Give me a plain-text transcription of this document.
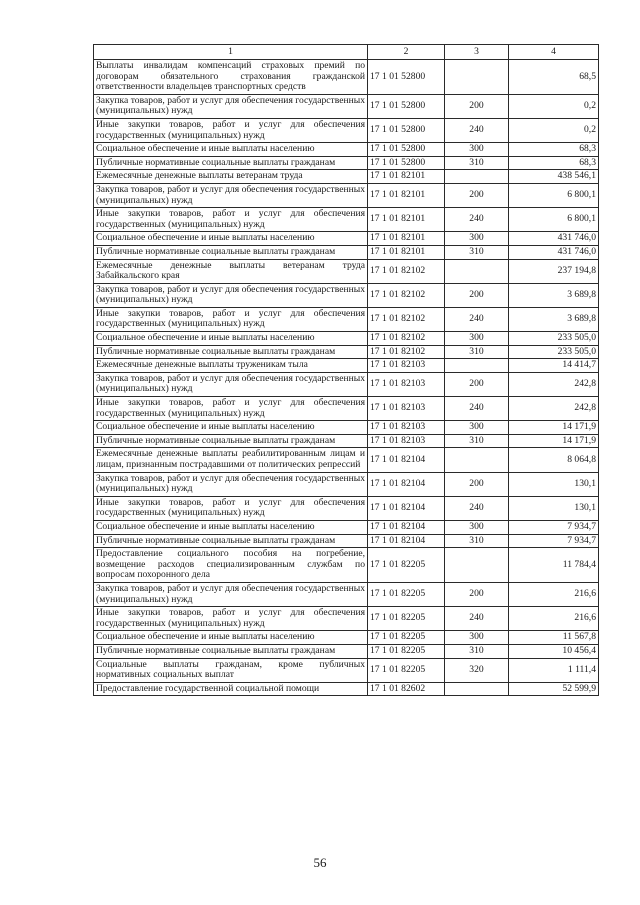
1	2	3	4
Выплаты инвалидам компенсаций страховых премий по договорам обязательного страхования гражданской ответственности владельцев транспортных средств	17 1 01 52800		68,5
Закупка товаров, работ и услуг для обеспечения государственных (муниципальных) нужд	17 1 01 52800	200	0,2
Иные закупки товаров, работ и услуг для обеспечения государственных (муниципальных) нужд	17 1 01 52800	240	0,2
Социальное обеспечение и иные выплаты населению	17 1 01 52800	300	68,3
Публичные нормативные социальные выплаты гражданам	17 1 01 52800	310	68,3
Ежемесячные денежные выплаты ветеранам труда	17 1 01 82101		438 546,1
Закупка товаров, работ и услуг для обеспечения государственных (муниципальных) нужд	17 1 01 82101	200	6 800,1
Иные закупки товаров, работ и услуг для обеспечения государственных (муниципальных) нужд	17 1 01 82101	240	6 800,1
Социальное обеспечение и иные выплаты населению	17 1 01 82101	300	431 746,0
Публичные нормативные социальные выплаты гражданам	17 1 01 82101	310	431 746,0
Ежемесячные денежные выплаты ветеранам труда Забайкальского края	17 1 01 82102		237 194,8
Закупка товаров, работ и услуг для обеспечения государственных (муниципальных) нужд	17 1 01 82102	200	3 689,8
Иные закупки товаров, работ и услуг для обеспечения государственных (муниципальных) нужд	17 1 01 82102	240	3 689,8
Социальное обеспечение и иные выплаты населению	17 1 01 82102	300	233 505,0
Публичные нормативные социальные выплаты гражданам	17 1 01 82102	310	233 505,0
Ежемесячные денежные выплаты труженикам тыла	17 1 01 82103		14 414,7
Закупка товаров, работ и услуг для обеспечения государственных (муниципальных) нужд	17 1 01 82103	200	242,8
Иные закупки товаров, работ и услуг для обеспечения государственных (муниципальных) нужд	17 1 01 82103	240	242,8
Социальное обеспечение и иные выплаты населению	17 1 01 82103	300	14 171,9
Публичные нормативные социальные выплаты гражданам	17 1 01 82103	310	14 171,9
Ежемесячные денежные выплаты реабилитированным лицам и лицам, признанным пострадавшими от политических репрессий	17 1 01 82104		8 064,8
Закупка товаров, работ и услуг для обеспечения государственных (муниципальных) нужд	17 1 01 82104	200	130,1
Иные закупки товаров, работ и услуг для обеспечения государственных (муниципальных) нужд	17 1 01 82104	240	130,1
Социальное обеспечение и иные выплаты населению	17 1 01 82104	300	7 934,7
Публичные нормативные социальные выплаты гражданам	17 1 01 82104	310	7 934,7
Предоставление социального пособия на погребение, возмещение расходов специализированным службам по вопросам похоронного дела	17 1 01 82205		11 784,4
Закупка товаров, работ и услуг для обеспечения государственных (муниципальных) нужд	17 1 01 82205	200	216,6
Иные закупки товаров, работ и услуг для обеспечения государственных (муниципальных) нужд	17 1 01 82205	240	216,6
Социальное обеспечение и иные выплаты населению	17 1 01 82205	300	11 567,8
Публичные нормативные социальные выплаты гражданам	17 1 01 82205	310	10 456,4
Социальные выплаты гражданам, кроме публичных нормативных социальных выплат	17 1 01 82205	320	1 111,4
Предоставление государственной социальной помощи	17 1 01 82602		52 599,9
56
